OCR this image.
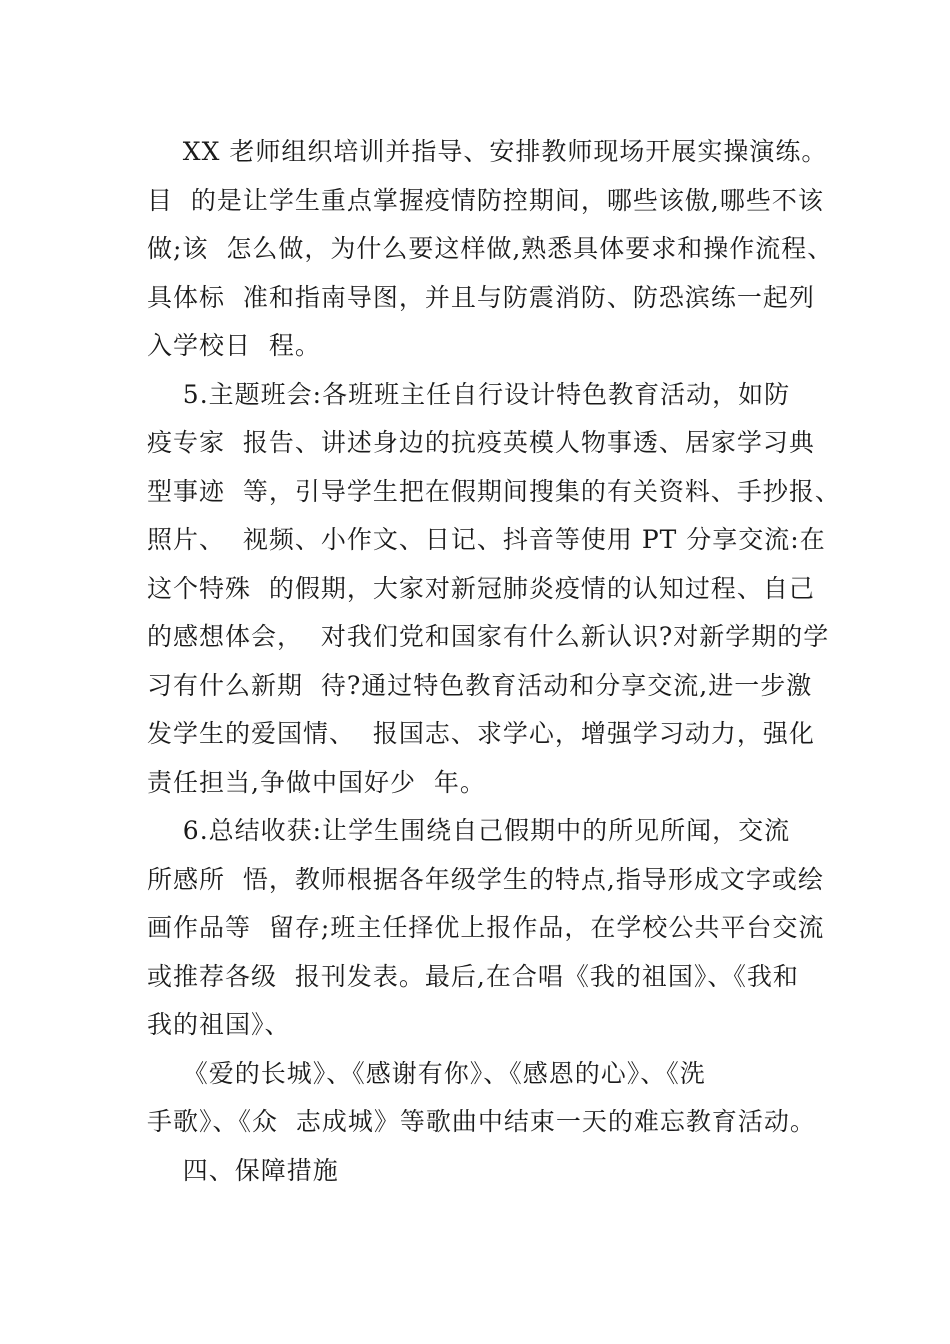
XX 老师组织培训并指导、安排教师现场开展实操演练。
目  的是让学生重点掌握疫情防控期间，哪些该傲,哪些不该
做;该  怎么做，为什么要这样做,熟悉具体要求和操作流程、
具体标  准和指南导图，并且与防震消防、防恐滨练一起列
入学校日  程。
5.主题班会:各班班主任自行设计特色教育活动，如防
疫专家  报告、讲述身边的抗疫英模人物事透、居家学习典
型事迹  等，引导学生把在假期间搜集的有关资料、手抄报、
照片、  视频、小作文、日记、抖音等使用 PT 分享交流:在
这个特殊  的假期，大家对新冠肺炎疫情的认知过程、自己
的感想体会，  对我们党和国家有什么新认识?对新学期的学
习有什么新期  待?通过特色教育活动和分享交流,进一步激
发学生的爱国情、  报国志、求学心，增强学习动力，强化
责任担当,争做中国好少  年。
6.总结收获:让学生围绕自己假期中的所见所闻，交流
所感所  悟，教师根据各年级学生的特点,指导形成文字或绘
画作品等  留存;班主任择优上报作品，在学校公共平台交流
或推荐各级  报刊发表。最后,在合唱《我的祖国》、《我和
我的祖国》、
《爱的长城》、《感谢有你》、《感恩的心》、《洗
手歌》、《众  志成城》等歌曲中结束一天的难忘教育活动。
四、保障措施
